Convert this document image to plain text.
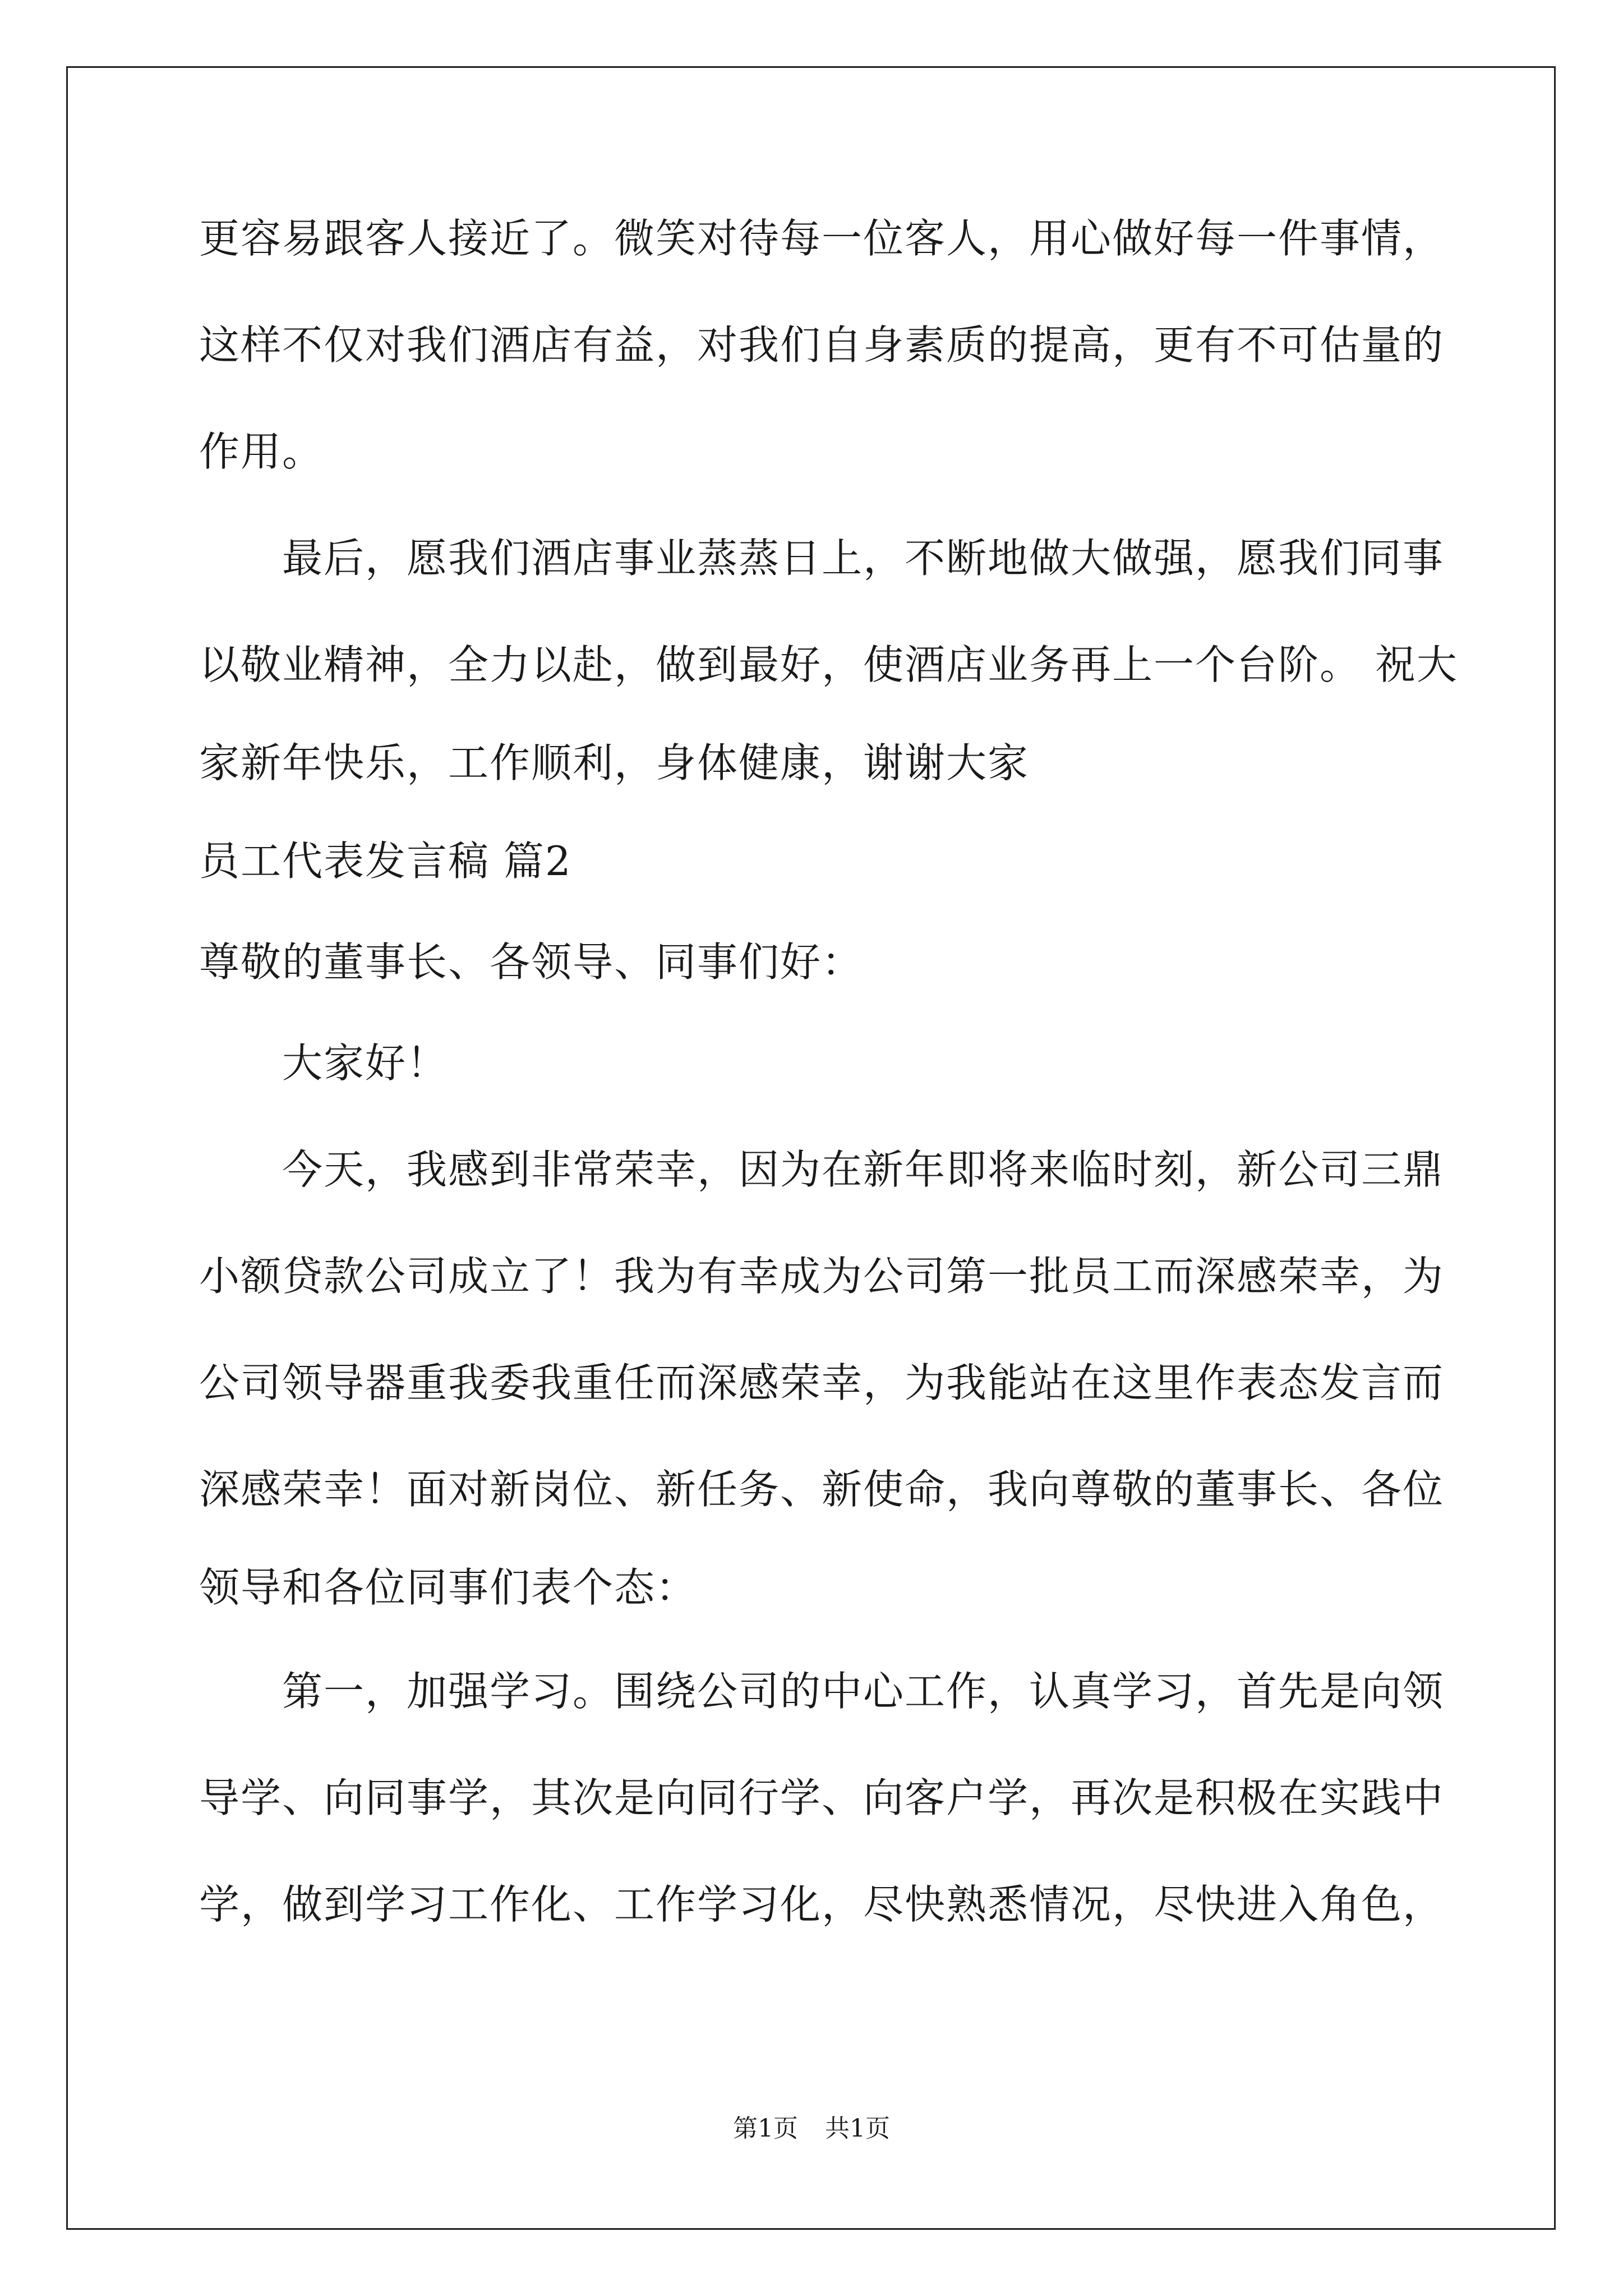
更容易跟客人接近了。微笑对待每一位客人，用心做好每一件事情，
这样不仅对我们酒店有益，对我们自身素质的提高，更有不可估量的
作用。
　　最后，愿我们酒店事业蒸蒸日上，不断地做大做强，愿我们同事
以敬业精神，全力以赴，做到最好，使酒店业务再上一个台阶。 祝大
家新年快乐，工作顺利，身体健康，谢谢大家
员工代表发言稿 篇2
尊敬的董事长、各领导、同事们好：
　　大家好！
　　今天，我感到非常荣幸，因为在新年即将来临时刻，新公司三鼎
小额贷款公司成立了！我为有幸成为公司第一批员工而深感荣幸，为
公司领导器重我委我重任而深感荣幸，为我能站在这里作表态发言而
深感荣幸！面对新岗位、新任务、新使命，我向尊敬的董事长、各位
领导和各位同事们表个态：
　　第一，加强学习。围绕公司的中心工作，认真学习，首先是向领
导学、向同事学，其次是向同行学、向客户学，再次是积极在实践中
学，做到学习工作化、工作学习化，尽快熟悉情况，尽快进入角色，
第1页 共1页
